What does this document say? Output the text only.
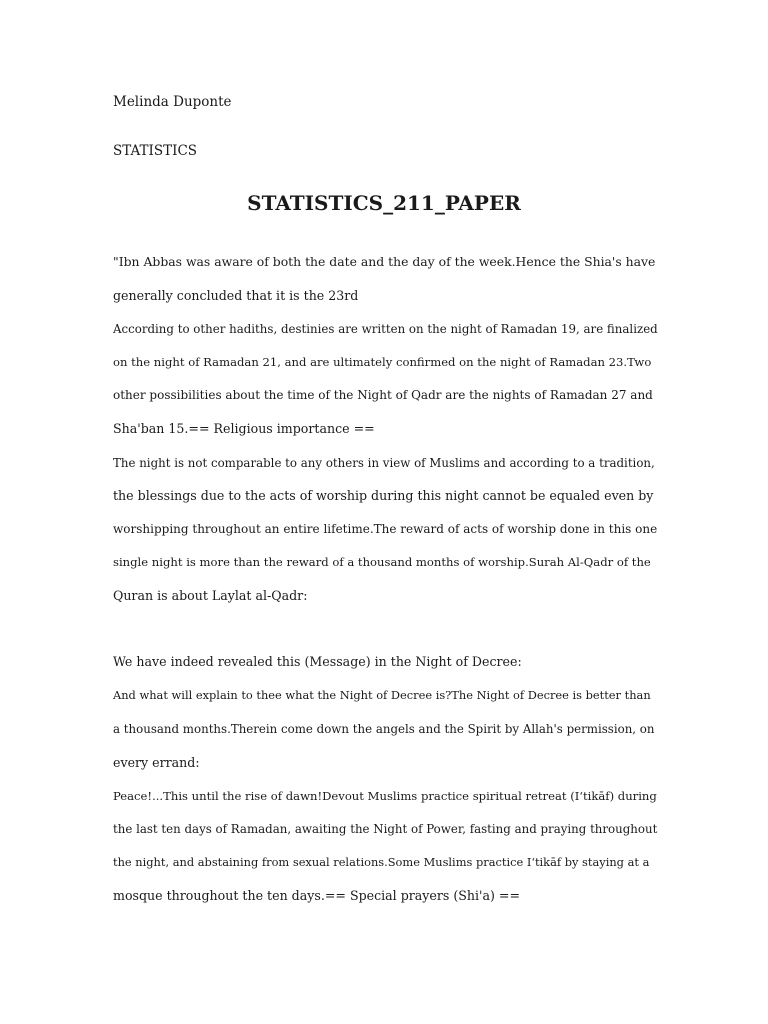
Melinda Duponte

STATISTICS

STATISTICS_211_PAPER

"Ibn Abbas was aware of both the date and the day of the week.Hence the Shia's have

generally concluded that it is the 23rd

According to other hadiths, destinies are written on the night of Ramadan 19, are finalized

on the night of Ramadan 21, and are ultimately confirmed on the night of Ramadan 23.Two

other possibilities about the time of the Night of Qadr are the nights of Ramadan 27 and

Sha'ban 15.== Religious importance ==

The night is not comparable to any others in view of Muslims and according to a tradition,

the blessings due to the acts of worship during this night cannot be equaled even by

worshipping throughout an entire lifetime.The reward of acts of worship done in this one

single night is more than the reward of a thousand months of worship.Surah Al-Qadr of the

Quran is about Laylat al-Qadr:

We have indeed revealed this (Message) in the Night of Decree:

And what will explain to thee what the Night of Decree is?The Night of Decree is better than

a thousand months.Therein come down the angels and the Spirit by Allah's permission, on

every errand:

Peace!...This until the rise of dawn!Devout Muslims practice spiritual retreat (I‘tikāf) during

the last ten days of Ramadan, awaiting the Night of Power, fasting and praying throughout

the night, and abstaining from sexual relations.Some Muslims practice I‘tikāf by staying at a

mosque throughout the ten days.== Special prayers (Shi'a) ==
